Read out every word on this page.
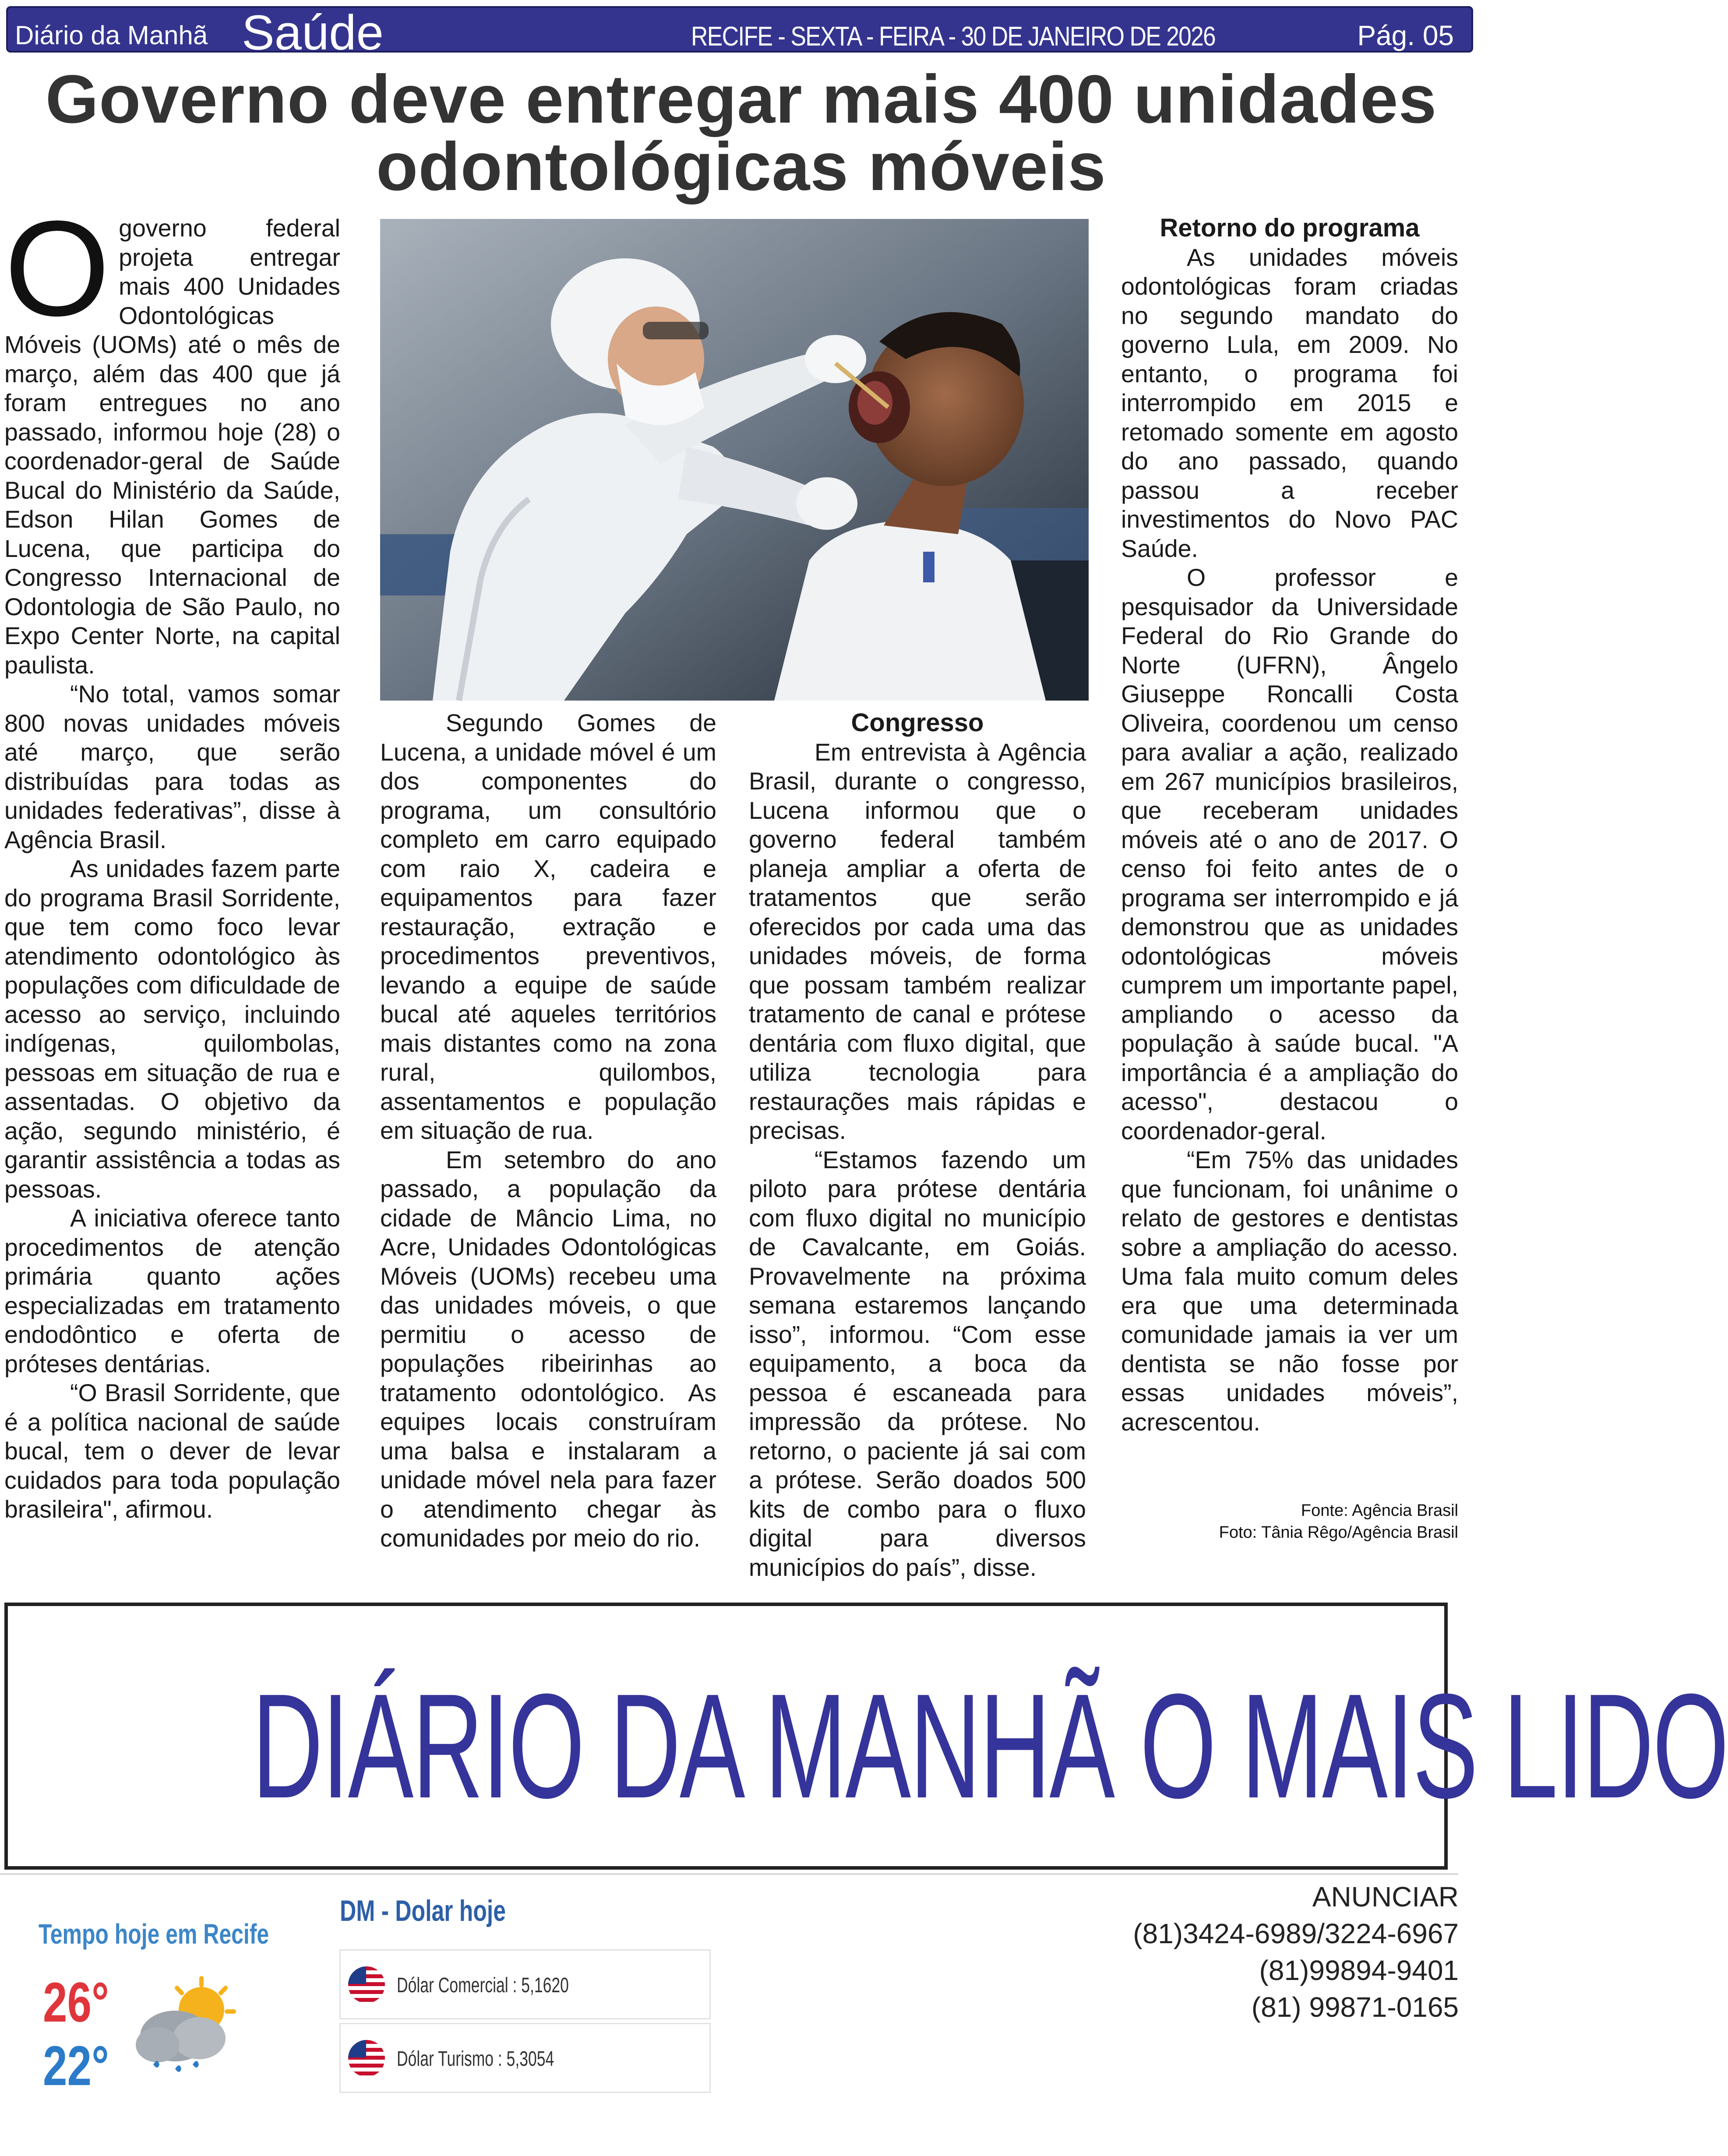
Diário da Manhã Saúde	RECIFE - SEXTA - FEIRA - 30 DE JANEIRO DE 2026	Pág. 05
Governo deve entregar mais 400 unidades
odontológicas móveis

O governo federal projeta entregar mais 400 Unidades Odontológicas Móveis (UOMs) até o mês de março, além das 400 que já foram entregues no ano passado, informou hoje (28) o coordenador-geral de Saúde Bucal do Ministério da Saúde, Edson Hilan Gomes de Lucena, que participa do Congresso Internacional de Odontologia de São Paulo, no Expo Center Norte, na capital paulista.

“No total, vamos somar 800 novas unidades móveis até março, que serão distribuídas para todas as unidades federativas”, disse à Agência Brasil.

As unidades fazem parte do programa Brasil Sorridente, que tem como foco levar atendimento odontológico às populações com dificuldade de acesso ao serviço, incluindo indígenas, quilombolas, pessoas em situação de rua e assentadas. O objetivo da ação, segundo ministério, é garantir assistência a todas as pessoas.

A iniciativa oferece tanto procedimentos de atenção primária quanto ações especializadas em tratamento endodôntico e oferta de próteses dentárias.

“O Brasil Sorridente, que é a política nacional de saúde bucal, tem o dever de levar cuidados para toda população brasileira", afirmou.

Segundo Gomes de Lucena, a unidade móvel é um dos componentes do programa, um consultório completo em carro equipado com raio X, cadeira e equipamentos para fazer restauração, extração e procedimentos preventivos, levando a equipe de saúde bucal até aqueles territórios mais distantes como na zona rural, quilombos, assentamentos e população em situação de rua.

Em setembro do ano passado, a população da cidade de Mâncio Lima, no Acre, Unidades Odontológicas Móveis (UOMs) recebeu uma das unidades móveis, o que permitiu o acesso de populações ribeirinhas ao tratamento odontológico. As equipes locais construíram uma balsa e instalaram a unidade móvel nela para fazer o atendimento chegar às comunidades por meio do rio.

Congresso

Em entrevista à Agência Brasil, durante o congresso, Lucena informou que o governo federal também planeja ampliar a oferta de tratamentos que serão oferecidos por cada uma das unidades móveis, de forma que possam também realizar tratamento de canal e prótese dentária com fluxo digital, que utiliza tecnologia para restaurações mais rápidas e precisas.

“Estamos fazendo um piloto para prótese dentária com fluxo digital no município de Cavalcante, em Goiás. Provavelmente na próxima semana estaremos lançando isso”, informou. “Com esse equipamento, a boca da pessoa é escaneada para impressão da prótese. No retorno, o paciente já sai com a prótese. Serão doados 500 kits de combo para o fluxo digital para diversos municípios do país”, disse.

Retorno do programa

As unidades móveis odontológicas foram criadas no segundo mandato do governo Lula, em 2009. No entanto, o programa foi interrompido em 2015 e retomado somente em agosto do ano passado, quando passou a receber investimentos do Novo PAC Saúde.

O professor e pesquisador da Universidade Federal do Rio Grande do Norte (UFRN), Ângelo Giuseppe Roncalli Costa Oliveira, coordenou um censo para avaliar a ação, realizado em 267 municípios brasileiros, que receberam unidades móveis até o ano de 2017. O censo foi feito antes de o programa ser interrompido e já demonstrou que as unidades odontológicas móveis cumprem um importante papel, ampliando o acesso da população à saúde bucal. "A importância é a ampliação do acesso", destacou o coordenador-geral.

“Em 75% das unidades que funcionam, foi unânime o relato de gestores e dentistas sobre a ampliação do acesso. Uma fala muito comum deles era que uma determinada comunidade jamais ia ver um dentista se não fosse por essas unidades móveis”, acrescentou.

Fonte: Agência Brasil
Foto: Tânia Rêgo/Agência Brasil
DIÁRIO DA MANHÃ O MAIS LIDO
Tempo hoje em Recife
26°
22°
DM - Dolar hoje
Dólar Comercial : 5,1620
Dólar Turismo : 5,3054
ANUNCIAR
(81)3424-6989/3224-6967
(81)99894-9401
(81) 99871-0165
